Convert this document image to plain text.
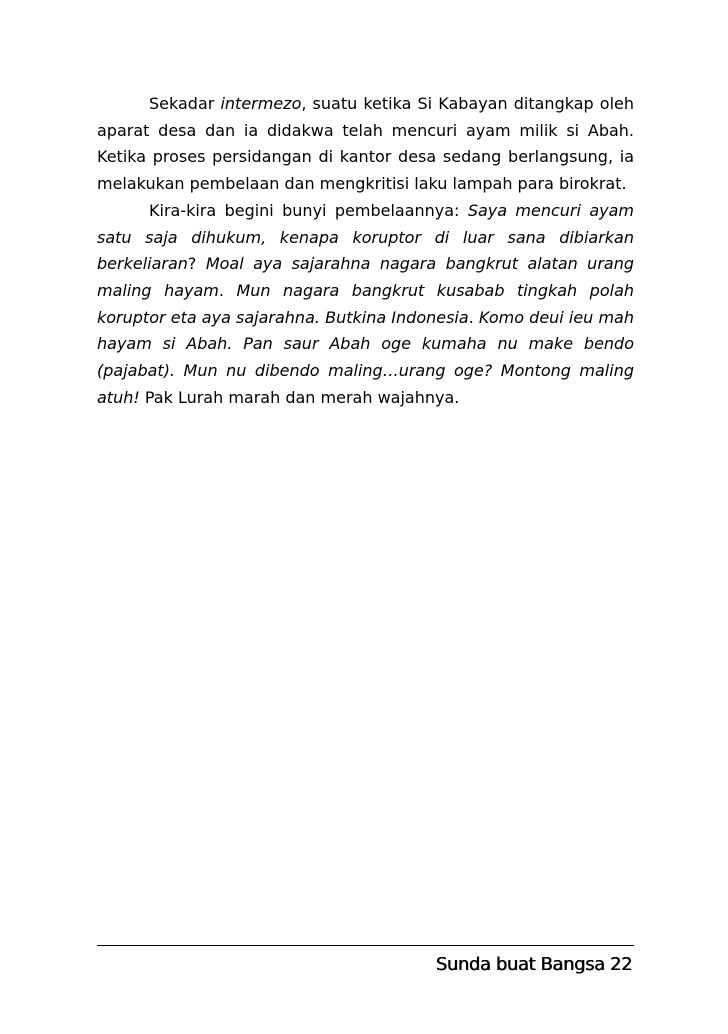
Sekadar intermezo, suatu ketika Si Kabayan ditangkap oleh aparat desa dan ia didakwa telah mencuri ayam milik si Abah. Ketika proses persidangan di kantor desa sedang berlangsung, ia melakukan pembelaan dan mengkritisi laku lampah para birokrat.

Kira-kira begini bunyi pembelaannya: Saya mencuri ayam satu saja dihukum, kenapa koruptor di luar sana dibiarkan berkeliaran? Moal aya sajarahna nagara bangkrut alatan urang maling hayam. Mun nagara bangkrut kusabab tingkah polah koruptor eta aya sajarahna. Butkina Indonesia. Komo deui ieu mah hayam si Abah. Pan saur Abah oge kumaha nu make bendo (pajabat). Mun nu dibendo maling…urang oge? Montong maling atuh! Pak Lurah marah dan merah wajahnya.

Sunda buat Bangsa 22
